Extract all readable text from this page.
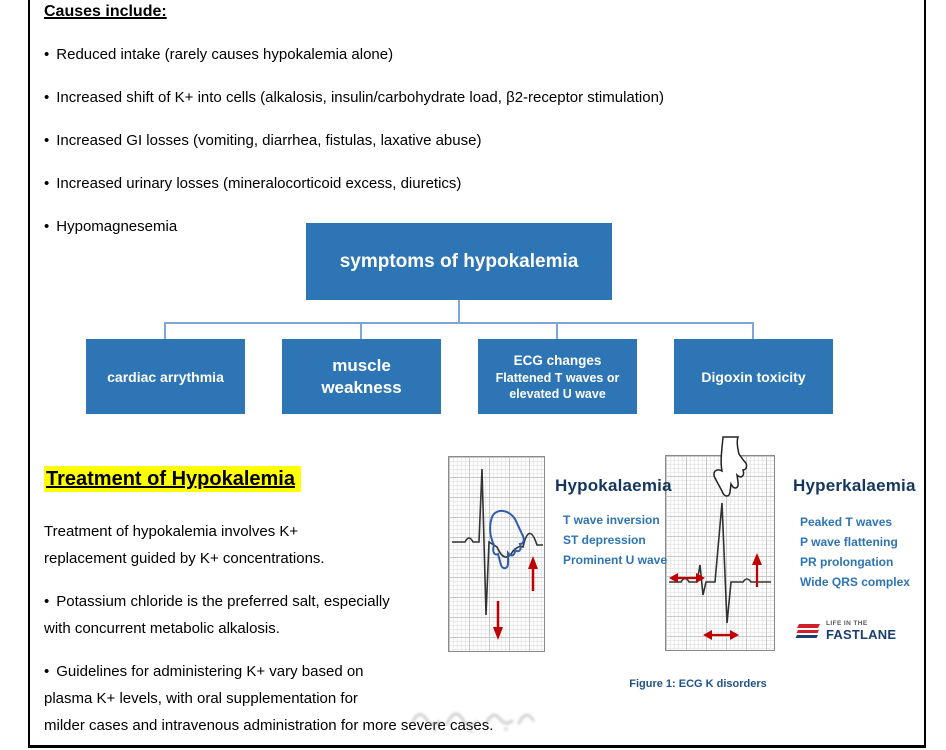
Causes include:

• Reduced intake (rarely causes hypokalemia alone)

• Increased shift of K+ into cells (alkalosis, insulin/carbohydrate load, β2-receptor stimulation)

• Increased GI losses (vomiting, diarrhea, fistulas, laxative abuse)

• Increased urinary losses (mineralocorticoid excess, diuretics)

• Hypomagnesemia

symptoms of hypokalemia
cardiac arrythmia
muscle weakness
ECG changes
Flattened T waves or elevated U wave
Digoxin toxicity
Hypokalaemia
T wave inversion
ST depression
Prominent U wave
Hyperkalaemia
Peaked T waves
P wave flattening
PR prolongation
Wide QRS complex
LIFE IN THE
FASTLANE
Figure 1: ECG K disorders
Treatment of Hypokalemia

Treatment of hypokalemia involves K+ replacement guided by K+ concentrations.

• Potassium chloride is the preferred salt, especially with concurrent metabolic alkalosis.

• Guidelines for administering K+ vary based on plasma K+ levels, with oral supplementation for milder cases and intravenous administration for more severe cases.
